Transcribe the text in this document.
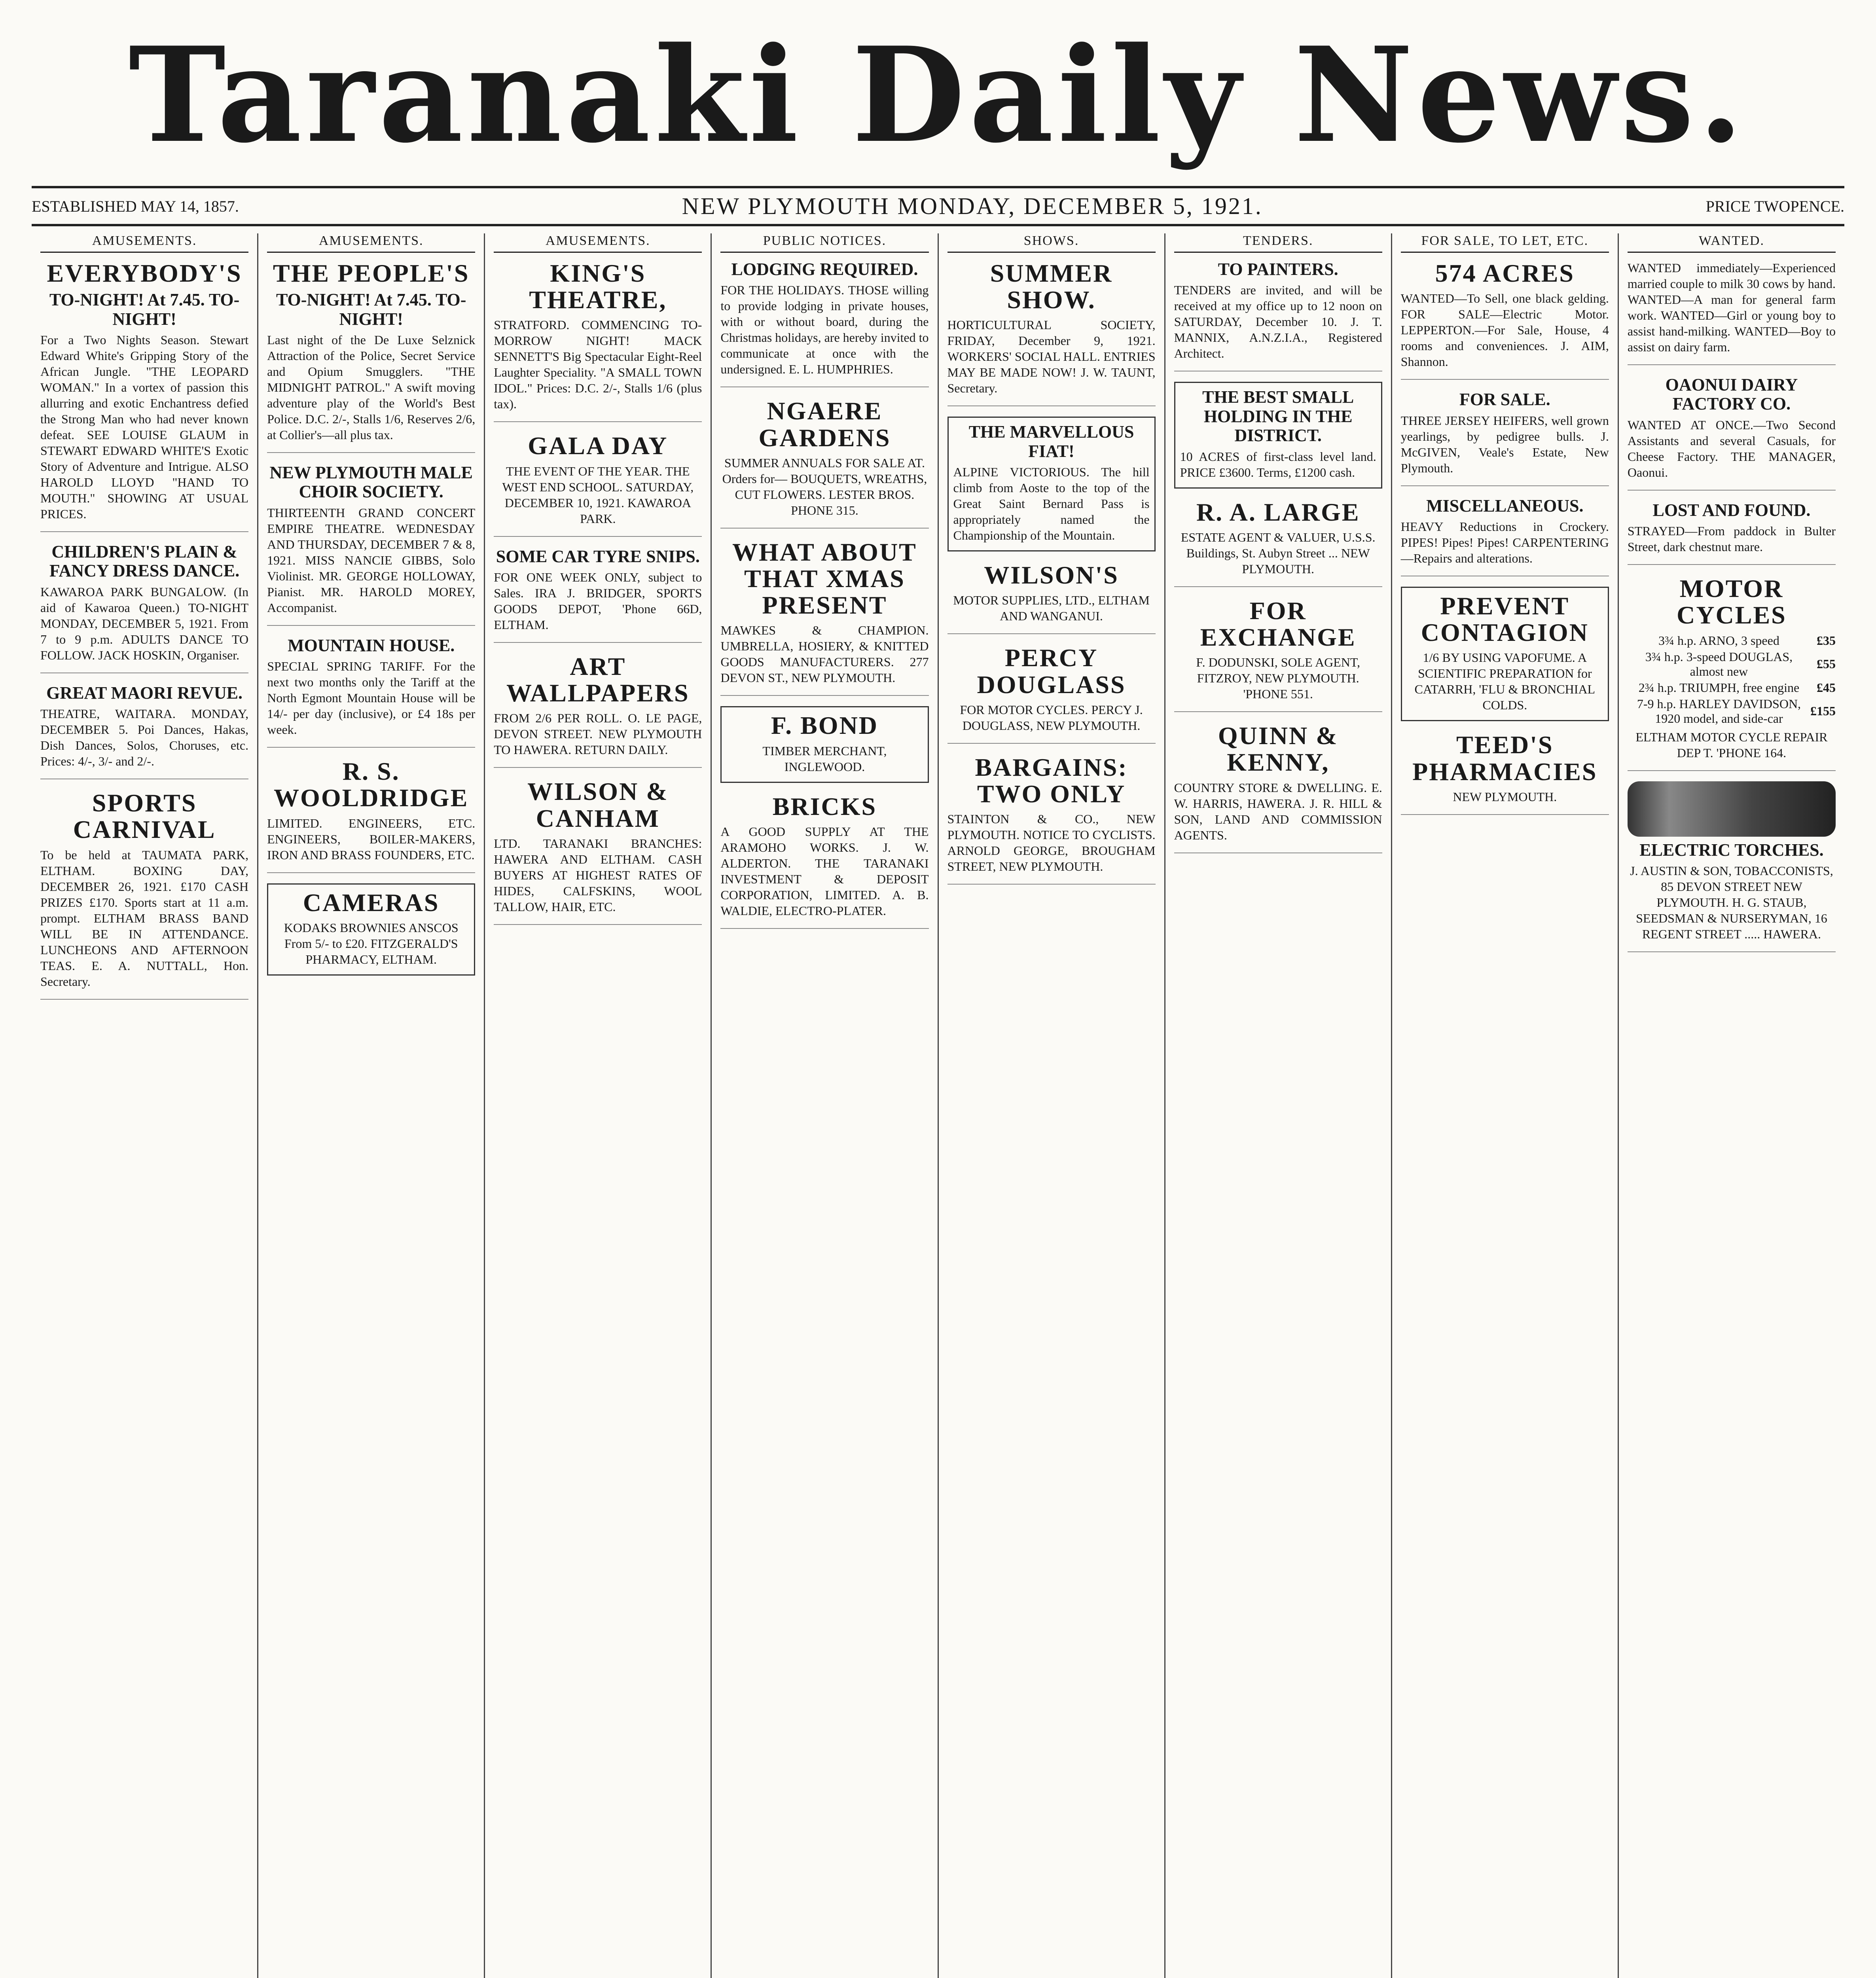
Taranaki Daily News.
ESTABLISHED MAY 14, 1857.	NEW PLYMOUTH MONDAY, DECEMBER 5, 1921.	PRICE TWOPENCE.
AMUSEMENTS.
EVERYBODY'S
TO-NIGHT! At 7.45. TO-NIGHT!

For a Two Nights Season. Stewart Edward White's Gripping Story of the African Jungle. "THE LEOPARD WOMAN." In a vortex of passion this allurring and exotic Enchantress defied the Strong Man who had never known defeat. SEE LOUISE GLAUM in STEWART EDWARD WHITE'S Exotic Story of Adventure and Intrigue. ALSO HAROLD LLOYD "HAND TO MOUTH." SHOWING AT USUAL PRICES.

CHILDREN'S PLAIN & FANCY DRESS DANCE.

KAWAROA PARK BUNGALOW. (In aid of Kawaroa Queen.) TO-NIGHT MONDAY, DECEMBER 5, 1921. From 7 to 9 p.m. ADULTS DANCE TO FOLLOW. JACK HOSKIN, Organiser.

GREAT MAORI REVUE.

THEATRE, WAITARA. MONDAY, DECEMBER 5. Poi Dances, Hakas, Dish Dances, Solos, Choruses, etc. Prices: 4/-, 3/- and 2/-.

SPORTS CARNIVAL

To be held at TAUMATA PARK, ELTHAM. BOXING DAY, DECEMBER 26, 1921. £170 CASH PRIZES £170. Sports start at 11 a.m. prompt. ELTHAM BRASS BAND WILL BE IN ATTENDANCE. LUNCHEONS AND AFTERNOON TEAS. E. A. NUTTALL, Hon. Secretary.

AMUSEMENTS.
THE PEOPLE'S
TO-NIGHT! At 7.45. TO-NIGHT!

Last night of the De Luxe Selznick Attraction of the Police, Secret Service and Opium Smugglers. "THE MIDNIGHT PATROL." A swift moving adventure play of the World's Best Police. D.C. 2/-, Stalls 1/6, Reserves 2/6, at Collier's—all plus tax.

NEW PLYMOUTH MALE CHOIR SOCIETY.

THIRTEENTH GRAND CONCERT EMPIRE THEATRE. WEDNESDAY AND THURSDAY, DECEMBER 7 & 8, 1921. MISS NANCIE GIBBS, Solo Violinist. MR. GEORGE HOLLOWAY, Pianist. MR. HAROLD MOREY, Accompanist.

MOUNTAIN HOUSE.

SPECIAL SPRING TARIFF. For the next two months only the Tariff at the North Egmont Mountain House will be 14/- per day (inclusive), or £4 18s per week.

R. S. WOOLDRIDGE

LIMITED. ENGINEERS, ETC. ENGINEERS, BOILER-MAKERS, IRON AND BRASS FOUNDERS, ETC.

CAMERAS

KODAKS BROWNIES ANSCOS From 5/- to £20. FITZGERALD'S PHARMACY, ELTHAM.

AMUSEMENTS.
KING'S THEATRE,

STRATFORD. COMMENCING TO-MORROW NIGHT! MACK SENNETT'S Big Spectacular Eight-Reel Laughter Speciality. "A SMALL TOWN IDOL." Prices: D.C. 2/-, Stalls 1/6 (plus tax).

GALA DAY

THE EVENT OF THE YEAR. THE WEST END SCHOOL. SATURDAY, DECEMBER 10, 1921. KAWAROA PARK.

SOME CAR TYRE SNIPS.

FOR ONE WEEK ONLY, subject to Sales. IRA J. BRIDGER, SPORTS GOODS DEPOT, 'Phone 66D, ELTHAM.

ART WALLPAPERS

FROM 2/6 PER ROLL. O. LE PAGE, DEVON STREET. NEW PLYMOUTH TO HAWERA. RETURN DAILY.

WILSON & CANHAM

LTD. TARANAKI BRANCHES: HAWERA AND ELTHAM. CASH BUYERS AT HIGHEST RATES OF HIDES, CALFSKINS, WOOL TALLOW, HAIR, ETC.

PUBLIC NOTICES.
LODGING REQUIRED.

FOR THE HOLIDAYS. THOSE willing to provide lodging in private houses, with or without board, during the Christmas holidays, are hereby invited to communicate at once with the undersigned. E. L. HUMPHRIES.

NGAERE GARDENS

SUMMER ANNUALS FOR SALE AT. Orders for— BOUQUETS, WREATHS, CUT FLOWERS. LESTER BROS. PHONE 315.

WHAT ABOUT THAT XMAS PRESENT

MAWKES & CHAMPION. UMBRELLA, HOSIERY, & KNITTED GOODS MANUFACTURERS. 277 DEVON ST., NEW PLYMOUTH.

F. BOND

TIMBER MERCHANT, INGLEWOOD.

BRICKS

A GOOD SUPPLY AT THE ARAMOHO WORKS. J. W. ALDERTON. THE TARANAKI INVESTMENT & DEPOSIT CORPORATION, LIMITED. A. B. WALDIE, ELECTRO-PLATER.

SHOWS.
SUMMER SHOW.

HORTICULTURAL SOCIETY, FRIDAY, December 9, 1921. WORKERS' SOCIAL HALL. ENTRIES MAY BE MADE NOW! J. W. TAUNT, Secretary.

THE MARVELLOUS FIAT!

ALPINE VICTORIOUS. The hill climb from Aoste to the top of the Great Saint Bernard Pass is appropriately named the Championship of the Mountain.

WILSON'S

MOTOR SUPPLIES, LTD., ELTHAM AND WANGANUI.

PERCY DOUGLASS

FOR MOTOR CYCLES. PERCY J. DOUGLASS, NEW PLYMOUTH.

BARGAINS: TWO ONLY

STAINTON & CO., NEW PLYMOUTH. NOTICE TO CYCLISTS. ARNOLD GEORGE, BROUGHAM STREET, NEW PLYMOUTH.

TENDERS.
TO PAINTERS.

TENDERS are invited, and will be received at my office up to 12 noon on SATURDAY, December 10. J. T. MANNIX, A.N.Z.I.A., Registered Architect.

THE BEST SMALL HOLDING IN THE DISTRICT.

10 ACRES of first-class level land. PRICE £3600. Terms, £1200 cash.

R. A. LARGE

ESTATE AGENT & VALUER, U.S.S. Buildings, St. Aubyn Street ... NEW PLYMOUTH.

FOR EXCHANGE

F. DODUNSKI, SOLE AGENT, FITZROY, NEW PLYMOUTH. 'PHONE 551.

QUINN & KENNY,

COUNTRY STORE & DWELLING. E. W. HARRIS, HAWERA. J. R. HILL & SON, LAND AND COMMISSION AGENTS.

FOR SALE, TO LET, ETC.
574 ACRES

WANTED—To Sell, one black gelding. FOR SALE—Electric Motor. LEPPERTON.—For Sale, House, 4 rooms and conveniences. J. AIM, Shannon.

FOR SALE.

THREE JERSEY HEIFERS, well grown yearlings, by pedigree bulls. J. McGIVEN, Veale's Estate, New Plymouth.

MISCELLANEOUS.

HEAVY Reductions in Crockery. PIPES! Pipes! Pipes! CARPENTERING—Repairs and alterations.

PREVENT CONTAGION

1/6 BY USING VAPOFUME. A SCIENTIFIC PREPARATION for CATARRH, 'FLU & BRONCHIAL COLDS.

TEED'S PHARMACIES

NEW PLYMOUTH.

WANTED.

WANTED immediately—Experienced married couple to milk 30 cows by hand. WANTED—A man for general farm work. WANTED—Girl or young boy to assist hand-milking. WANTED—Boy to assist on dairy farm.

OAONUI DAIRY FACTORY CO.

WANTED AT ONCE.—Two Second Assistants and several Casuals, for Cheese Factory. THE MANAGER, Oaonui.

LOST AND FOUND.

STRAYED—From paddock in Bulter Street, dark chestnut mare.

MOTOR CYCLES
3¾ h.p. ARNO, 3 speed	£35
3¾ h.p. 3-speed DOUGLAS, almost new	£55
2¾ h.p. TRIUMPH, free engine	£45
7-9 h.p. HARLEY DAVIDSON, 1920 model, and side-car	£155

ELTHAM MOTOR CYCLE REPAIR DEP T. 'PHONE 164.

ELECTRIC TORCHES.

J. AUSTIN & SON, TOBACCONISTS, 85 DEVON STREET NEW PLYMOUTH. H. G. STAUB, SEEDSMAN & NURSERYMAN, 16 REGENT STREET ..... HAWERA.
